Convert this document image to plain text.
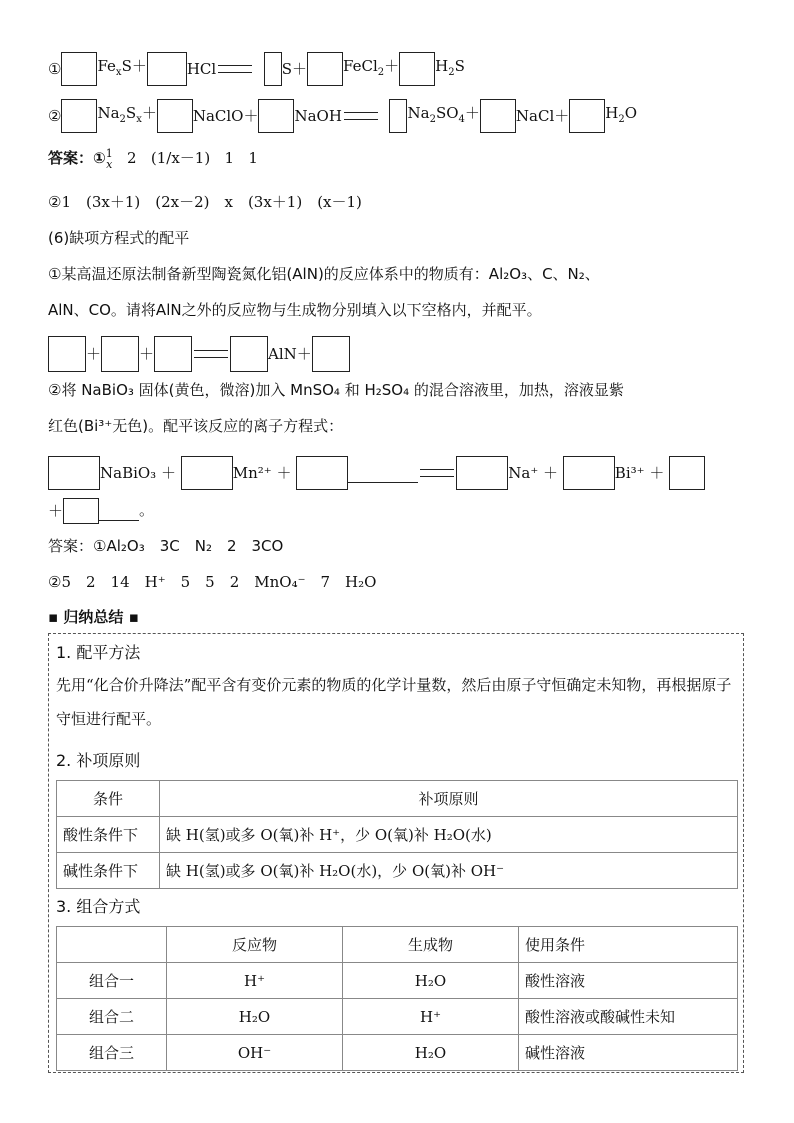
① $Fe_xS+$	HCl	S＋ FeCl$_2$＋ $H_2S$
② $Na_2S_x+$ NaClO＋ NaOH	$Na_2SO_4+$ NaCl＋ $H_2O$
答案：①1
x 2 (1/x－1) 1 1
②1　(3x＋1)　(2x－2)　x　(3x＋1)　(x－1)
(6)缺项方程式的配平
①某高温还原法制备新型陶瓷氮化铝(AlN)的反应体系中的物质有：Al₂O₃、C、N₂、
AlN、CO。请将AlN之外的反应物与生成物分别填入以下空格内，并配平。
＋	＋	AlN＋
②将 NaBiO₃ 固体(黄色，微溶)加入 MnSO₄ 和 H₂SO₄ 的混合溶液里，加热，溶液显紫
红色(Bi³⁺无色)。配平该反应的离子方程式：
NaBiO₃ ＋	Mn²⁺ ＋	Na⁺ ＋	Bi³⁺ ＋
＋	。
答案：①Al₂O₃　3C　N₂　2　3CO
②5　2　14　H⁺　5　5　2　MnO₄⁻　7　H₂O
▪ 归纳总结 ▪
1. 配平方法
先用“化合价升降法”配平含有变价元素的物质的化学计量数，然后由原子守恒确定未知物，再根据原子守恒进行配平。
2. 补项原则
条件	补项原则
酸性条件下	缺 H(氢)或多 O(氧)补 H⁺，少 O(氧)补 H₂O(水)
碱性条件下	缺 H(氢)或多 O(氧)补 H₂O(水)，少 O(氧)补 OH⁻
3. 组合方式
	反应物	生成物	使用条件
组合一	H⁺	H₂O	酸性溶液
组合二	H₂O	H⁺	酸性溶液或酸碱性未知
组合三	OH⁻	H₂O	碱性溶液
